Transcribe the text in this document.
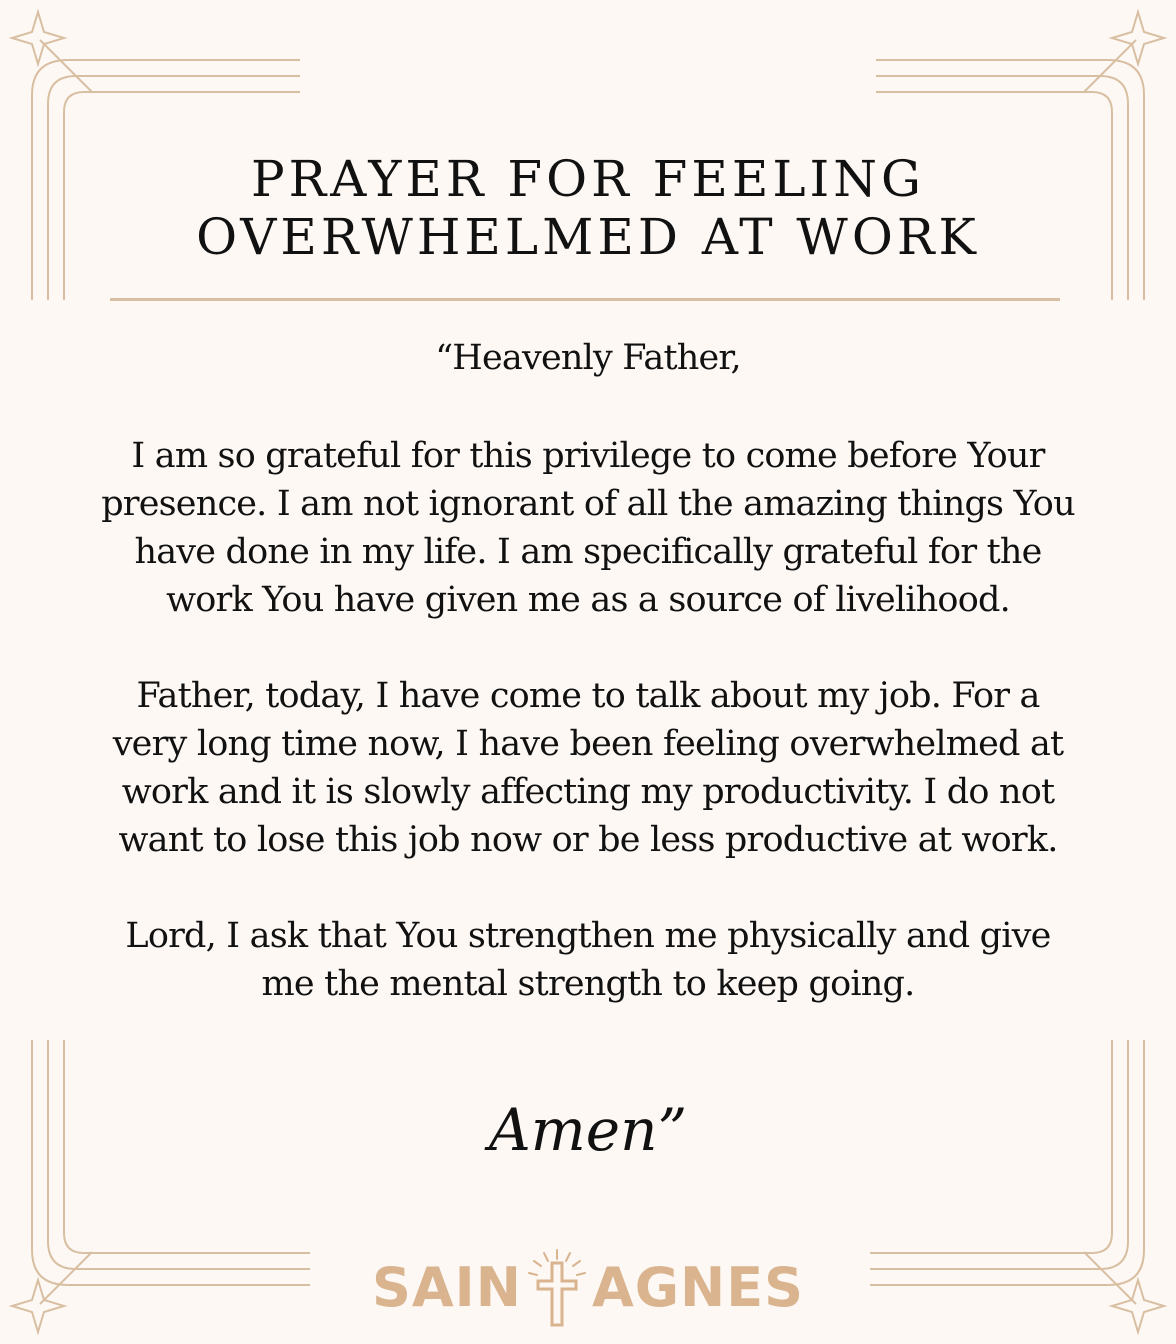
PRAYER FOR FEELING
OVERWHELMED AT WORK

“Heavenly Father,

I am so grateful for this privilege to come before Your
presence. I am not ignorant of all the amazing things You
have done in my life. I am specifically grateful for the
work You have given me as a source of livelihood.

Father, today, I have come to talk about my job. For a
very long time now, I have been feeling overwhelmed at
work and it is slowly affecting my productivity. I do not
want to lose this job now or be less productive at work.

Lord, I ask that You strengthen me physically and give
me the mental strength to keep going.

Amen”
SAIN AGNES
